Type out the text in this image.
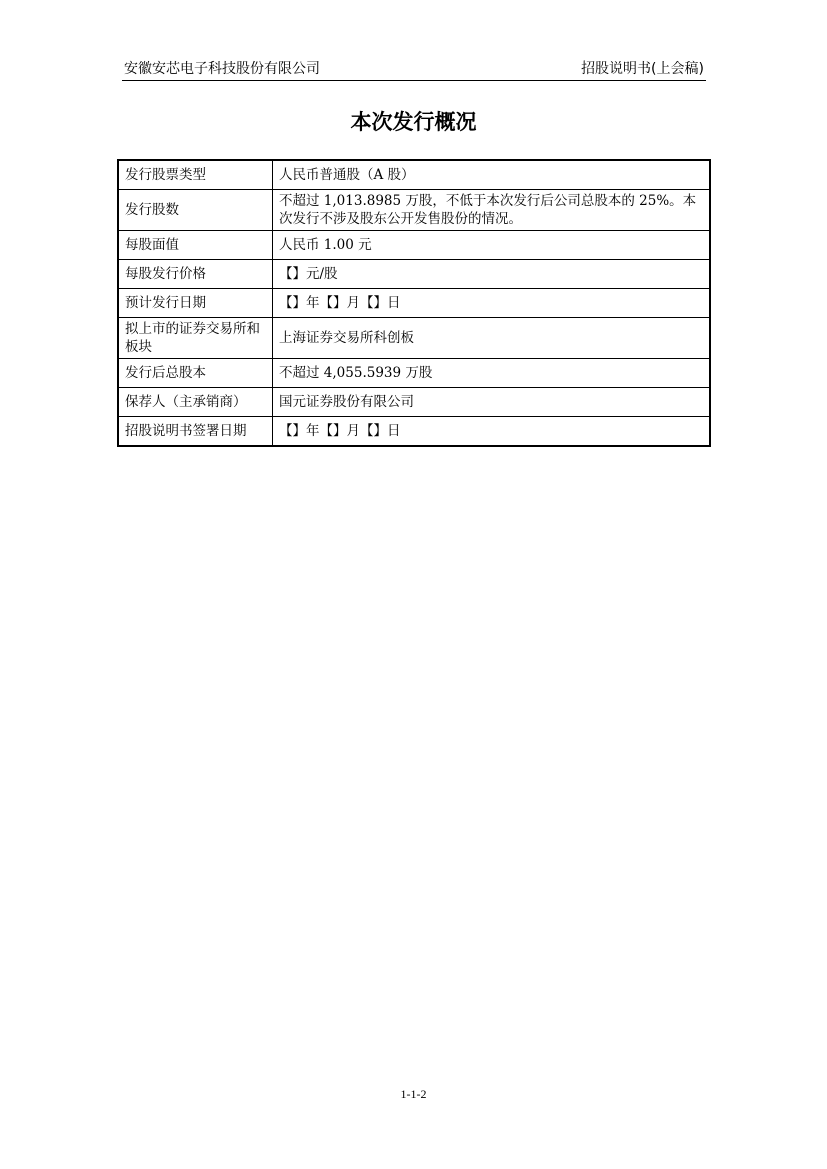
安徽安芯电子科技股份有限公司	招股说明书(上会稿)
本次发行概况
发行股票类型	人民币普通股（A 股）
发行股数	不超过 1,013.8985 万股，不低于本次发行后公司总股本的 25%。本次发行不涉及股东公开发售股份的情况。
每股面值	人民币 1.00 元
每股发行价格	【】元/股
预计发行日期	【】年【】月【】日
拟上市的证券交易所和板块	上海证券交易所科创板
发行后总股本	不超过 4,055.5939 万股
保荐人（主承销商）	国元证券股份有限公司
招股说明书签署日期	【】年【】月【】日
1-1-2
